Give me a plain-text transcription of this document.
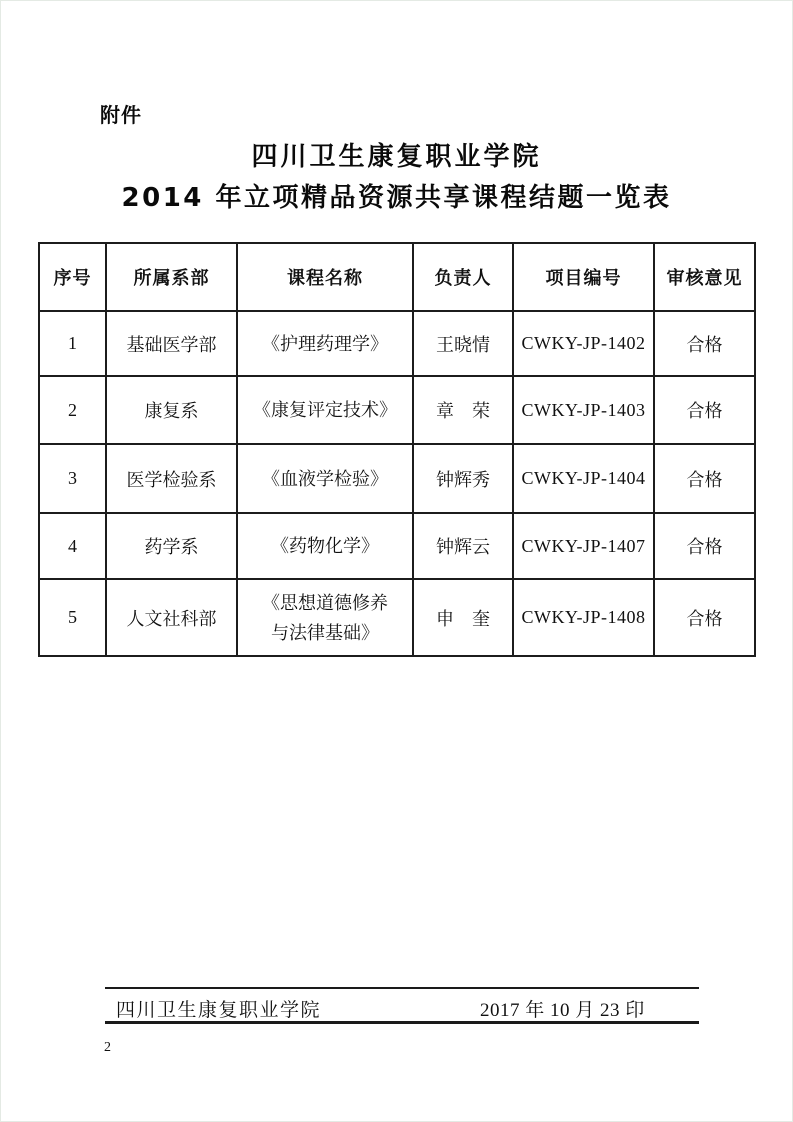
附件
四川卫生康复职业学院
2014 年立项精品资源共享课程结题一览表
序号	所属系部	课程名称	负责人	项目编号	审核意见
1	基础医学部	《护理药理学》	王晓情	CWKY-JP-1402	合格
2	康复系	《康复评定技术》	章　荣	CWKY-JP-1403	合格
3	医学检验系	《血液学检验》	钟辉秀	CWKY-JP-1404	合格
4	药学系	《药物化学》	钟辉云	CWKY-JP-1407	合格
5	人文社科部	《思想道德修养
与法律基础》	申　奎	CWKY-JP-1408	合格
四川卫生康复职业学院	2017 年 10 月 23 印
2
